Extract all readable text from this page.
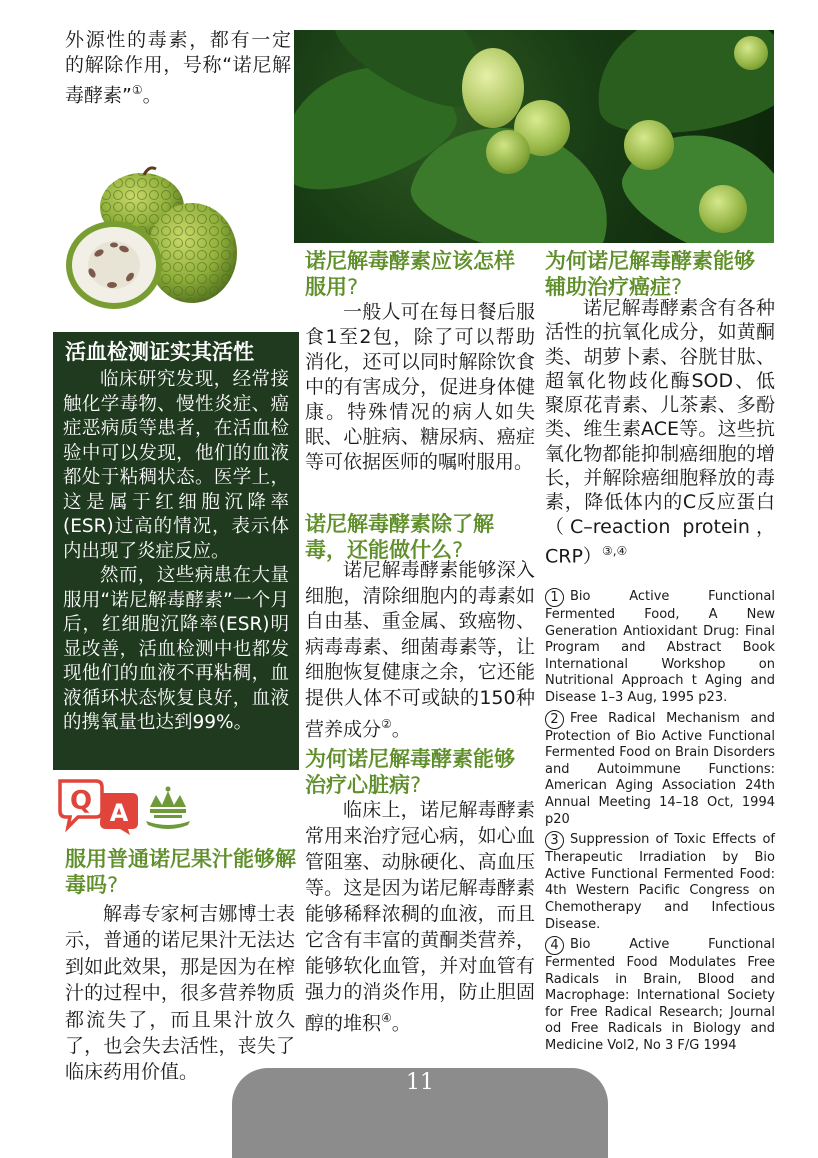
外源性的毒素，都有一定的解除作用，号称“诺尼解毒酵素”①。

活血检测证实其活性

临床研究发现，经常接触化学毒物、慢性炎症、癌症恶病质等患者，在活血检验中可以发现，他们的血液都处于粘稠状态。医学上，这是属于红细胞沉降率(ESR)过高的情况，表示体内出现了炎症反应。

然而，这些病患在大量服用“诺尼解毒酵素”一个月后，红细胞沉降率(ESR)明显改善，活血检测中也都发现他们的血液不再粘稠，血液循环状态恢复良好，血液的携氧量也达到99%。

Q A
服用普通诺尼果汁能够解毒吗?

解毒专家柯吉娜博士表示，普通的诺尼果汁无法达到如此效果，那是因为在榨汁的过程中，很多营养物质都流失了，而且果汁放久了，也会失去活性，丧失了临床药用价值。

诺尼解毒酵素应该怎样服用?

一般人可在每日餐后服食1至2包，除了可以帮助消化，还可以同时解除饮食中的有害成分，促进身体健康。特殊情况的病人如失眠、心脏病、糖尿病、癌症等可依据医师的嘱咐服用。

诺尼解毒酵素除了解毒，还能做什么?

诺尼解毒酵素能够深入细胞，清除细胞内的毒素如自由基、重金属、致癌物、病毒毒素、细菌毒素等，让细胞恢复健康之余，它还能提供人体不可或缺的150种营养成分②。

为何诺尼解毒酵素能够治疗心脏病?

临床上，诺尼解毒酵素常用来治疗冠心病，如心血管阻塞、动脉硬化、高血压等。这是因为诺尼解毒酵素能够稀释浓稠的血液，而且它含有丰富的黄酮类营养，能够软化血管，并对血管有强力的消炎作用，防止胆固醇的堆积④。

为何诺尼解毒酵素能够辅助治疗癌症?

诺尼解毒酵素含有各种活性的抗氧化成分，如黄酮类、胡萝卜素、谷胱甘肽、超氧化物歧化酶SOD、低聚原花青素、儿茶素、多酚类、维生素ACE等。这些抗氧化物都能抑制癌细胞的增长，并解除癌细胞释放的毒素，降低体内的C反应蛋白（C–reaction protein，CRP）③,④

1 Bio Active Functional Fermented Food, A New Generation Antioxidant Drug: Final Program and Abstract Book International Workshop on Nutritional Approach t Aging and Disease 1–3 Aug, 1995 p23.

2 Free Radical Mechanism and Protection of Bio Active Functional Fermented Food on Brain Disorders and Autoimmune Functions: American Aging Association 24th Annual Meeting 14–18 Oct, 1994 p20

3 Suppression of Toxic Effects of Therapeutic Irradiation by Bio Active Functional Fermented Food: 4th Western Pacific Congress on Chemotherapy and Infectious Disease.

4 Bio Active Functional Fermented Food Modulates Free Radicals in Brain, Blood and Macrophage: International Society for Free Radical Research; Journal od Free Radicals in Biology and Medicine Vol2, No 3 F/G 1994

11
